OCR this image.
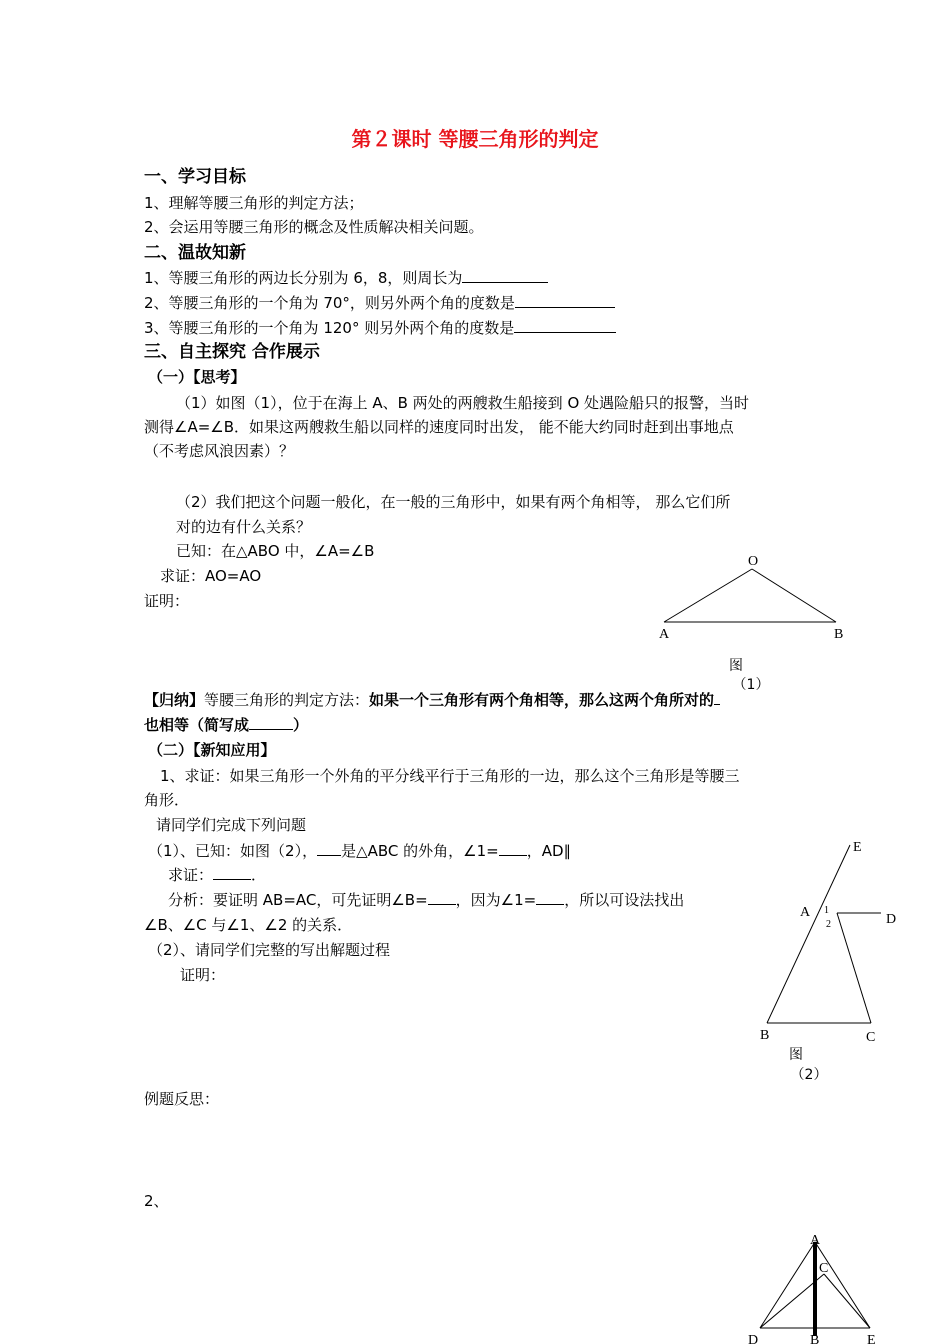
第２课时 等腰三角形的判定
一、学习目标
1、理解等腰三角形的判定方法；
2、会运用等腰三角形的概念及性质解决相关问题。
二、温故知新
1、等腰三角形的两边长分别为 6，8，则周长为
2、等腰三角形的一个角为 70°，则另外两个角的度数是
3、等腰三角形的一个角为 120° 则另外两个角的度数是
三、自主探究 合作展示
（一）【思考】
（1）如图（1），位于在海上 A、B 两处的两艘救生船接到 O 处遇险船只的报警，当时
测得∠A=∠B．如果这两艘救生船以同样的速度同时出发， 能不能大约同时赶到出事地点
（不考虑风浪因素）？
（2）我们把这个问题一般化，在一般的三角形中，如果有两个角相等， 那么它们所
对的边有什么关系？
已知：在△ABO 中，∠A=∠B
求证：AO=AO
证明：
O
A	B
图
（1）
【归纳】等腰三角形的判定方法：如果一个三角形有两个角相等，那么这两个角所对的
也相等（简写成	）
（二）【新知应用】
1、求证：如果三角形一个外角的平分线平行于三角形的一边，那么这个三角形是等腰三
角形．
请同学们完成下列问题
（1）、已知：如图（2）， 是△ABC 的外角，∠1= ，AD∥
求证：	．
分析：要证明 AB=AC，可先证明∠B= ，因为∠1= ，所以可设法找出
∠B、∠C 与∠1、∠2 的关系．
（2）、请同学们完整的写出解题过程
证明：
E
A	D
1
2
B	C
图
（2）
例题反思：
2、
A
C
D	B	E
